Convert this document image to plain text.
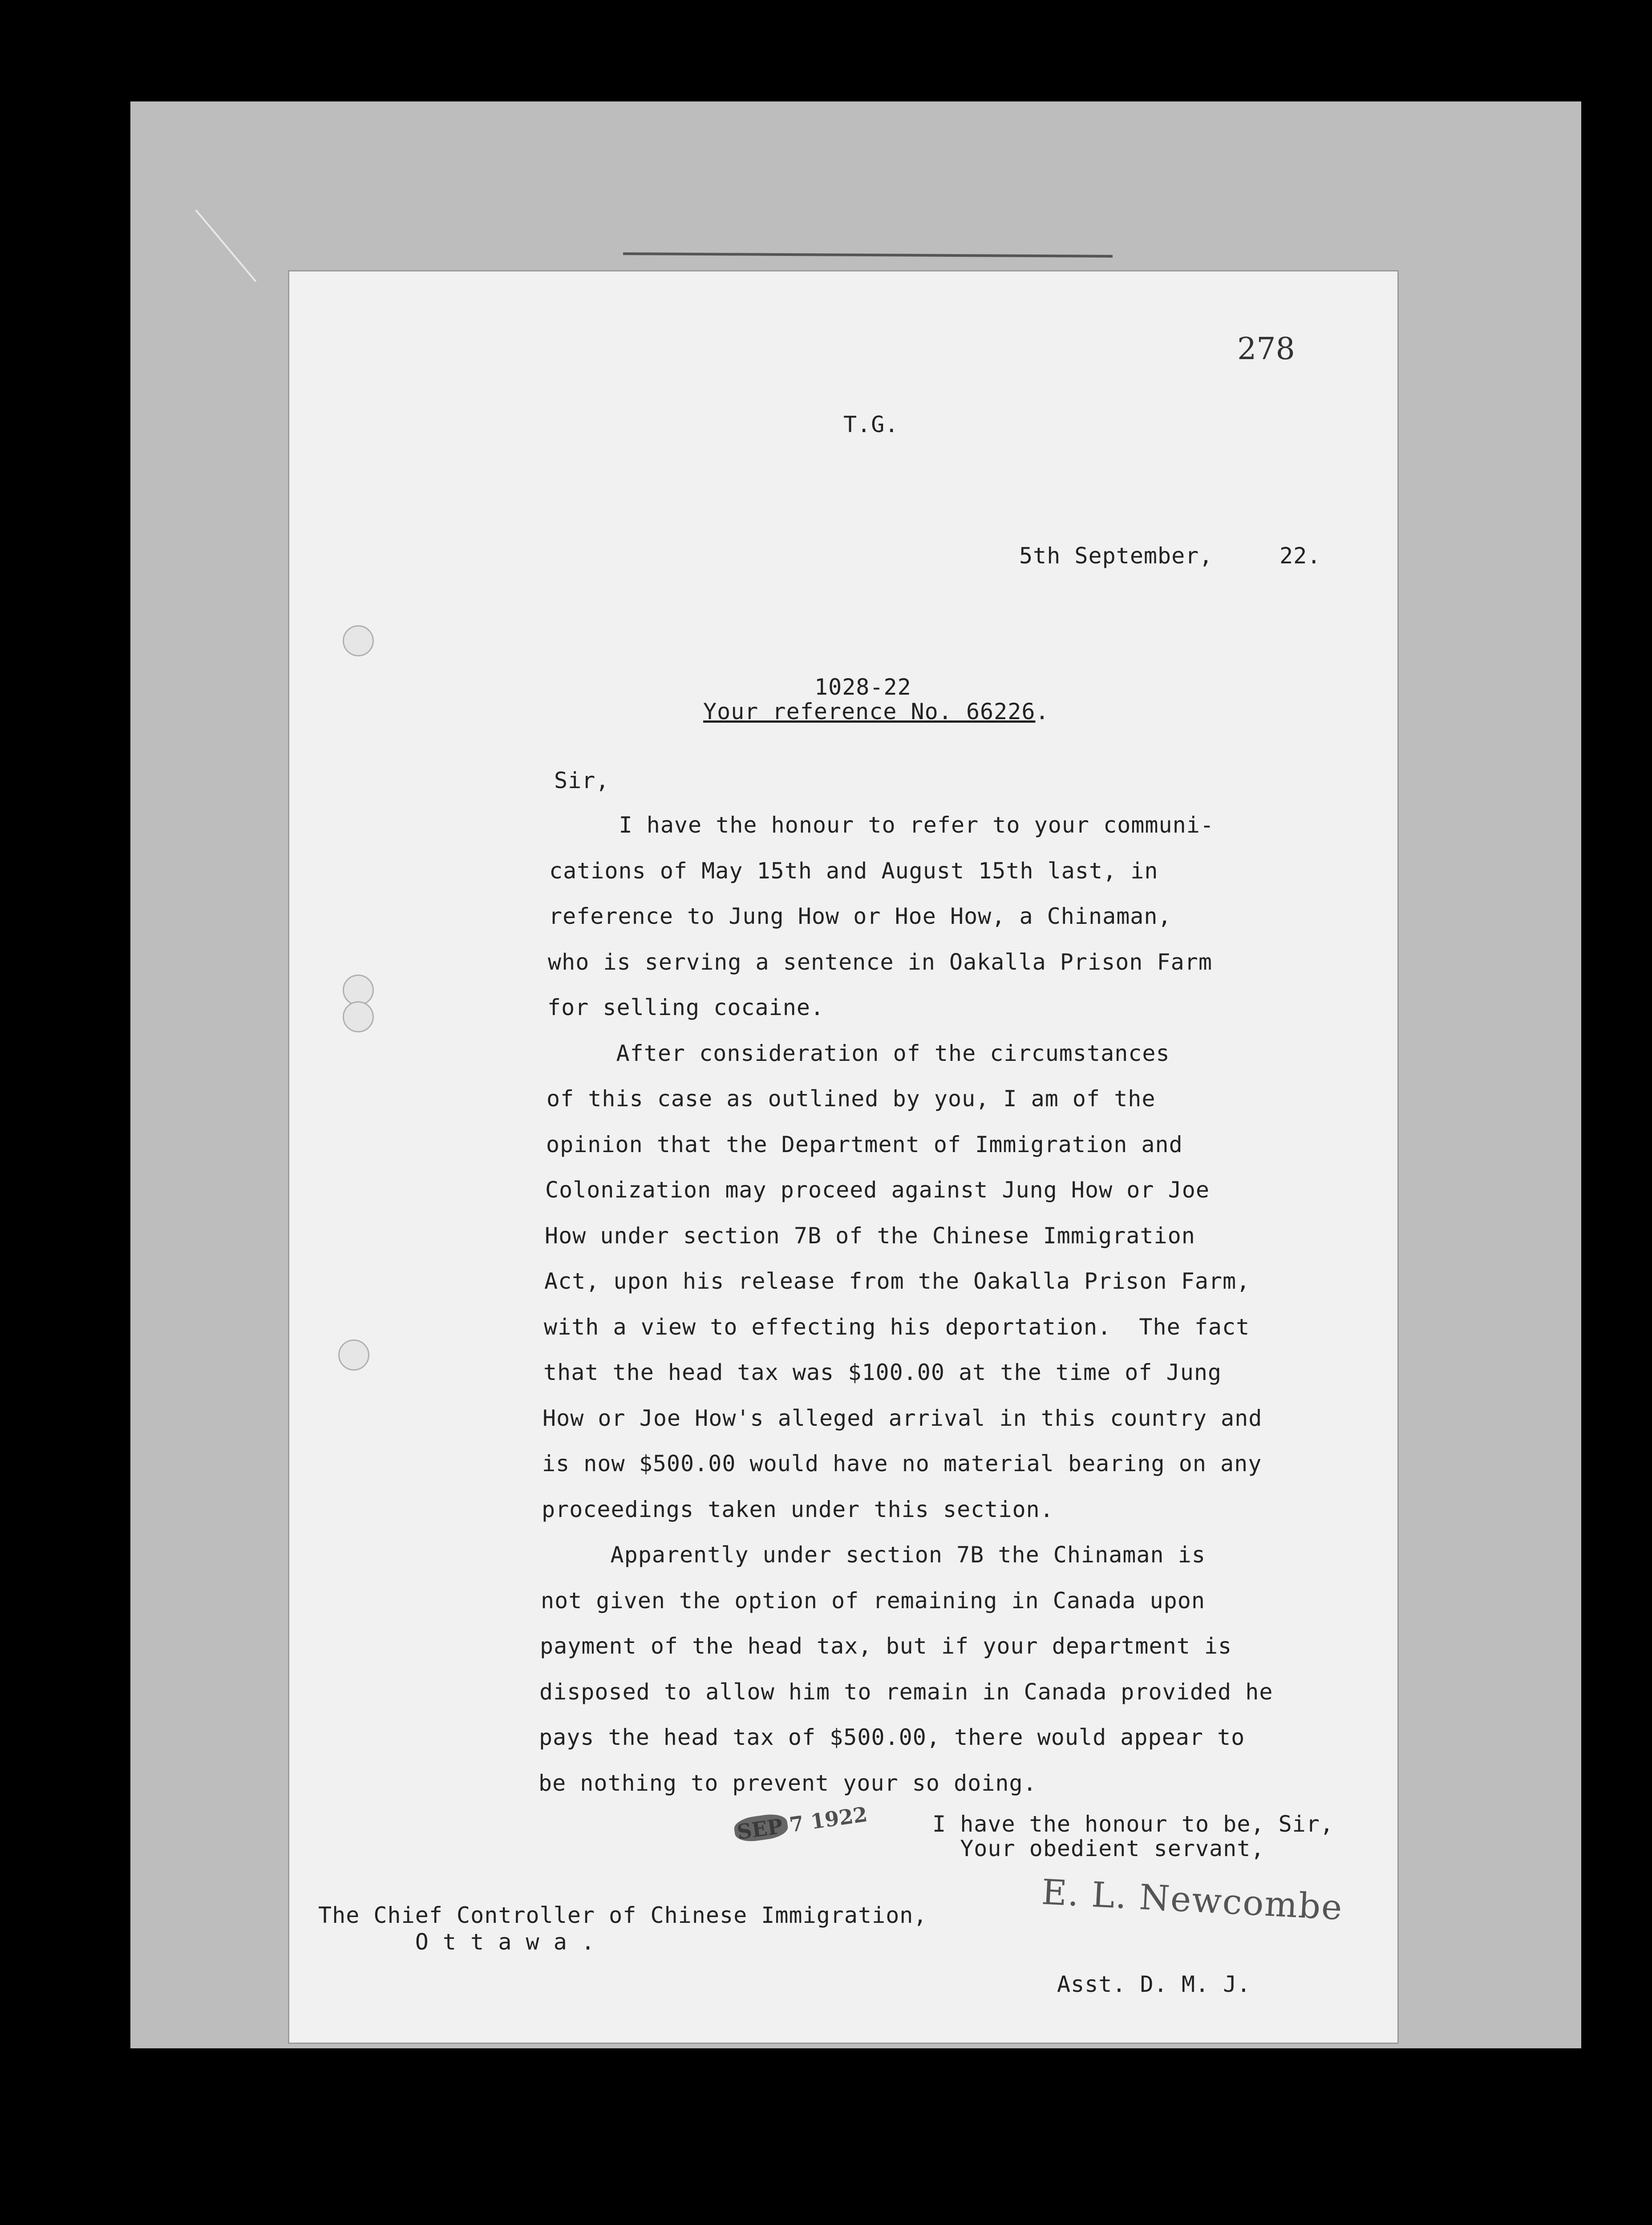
278
T.G.
5th September,	22.
1028-22
Your reference No. 66226.
Sir,
I have the honour to refer to your communi-
cations of May 15th and August 15th last, in
reference to Jung How or Hoe How, a Chinaman,
who is serving a sentence in Oakalla Prison Farm
for selling cocaine.
After consideration of the circumstances
of this case as outlined by you, I am of the
opinion that the Department of Immigration and
Colonization may proceed against Jung How or Joe
How under section 7B of the Chinese Immigration
Act, upon his release from the Oakalla Prison Farm,
with a view to effecting his deportation.  The fact
that the head tax was $100.00 at the time of Jung
How or Joe How's alleged arrival in this country and
is now $500.00 would have no material bearing on any
proceedings taken under this section.
Apparently under section 7B the Chinaman is
not given the option of remaining in Canada upon
payment of the head tax, but if your department is
disposed to allow him to remain in Canada provided he
pays the head tax of $500.00, there would appear to
be nothing to prevent your so doing.
I have the honour to be, Sir,
Your obedient servant,
SEP 7 1922
The Chief Controller of Chinese Immigration,
O t t a w a .
E. L. Newcombe
Asst. D. M. J.
